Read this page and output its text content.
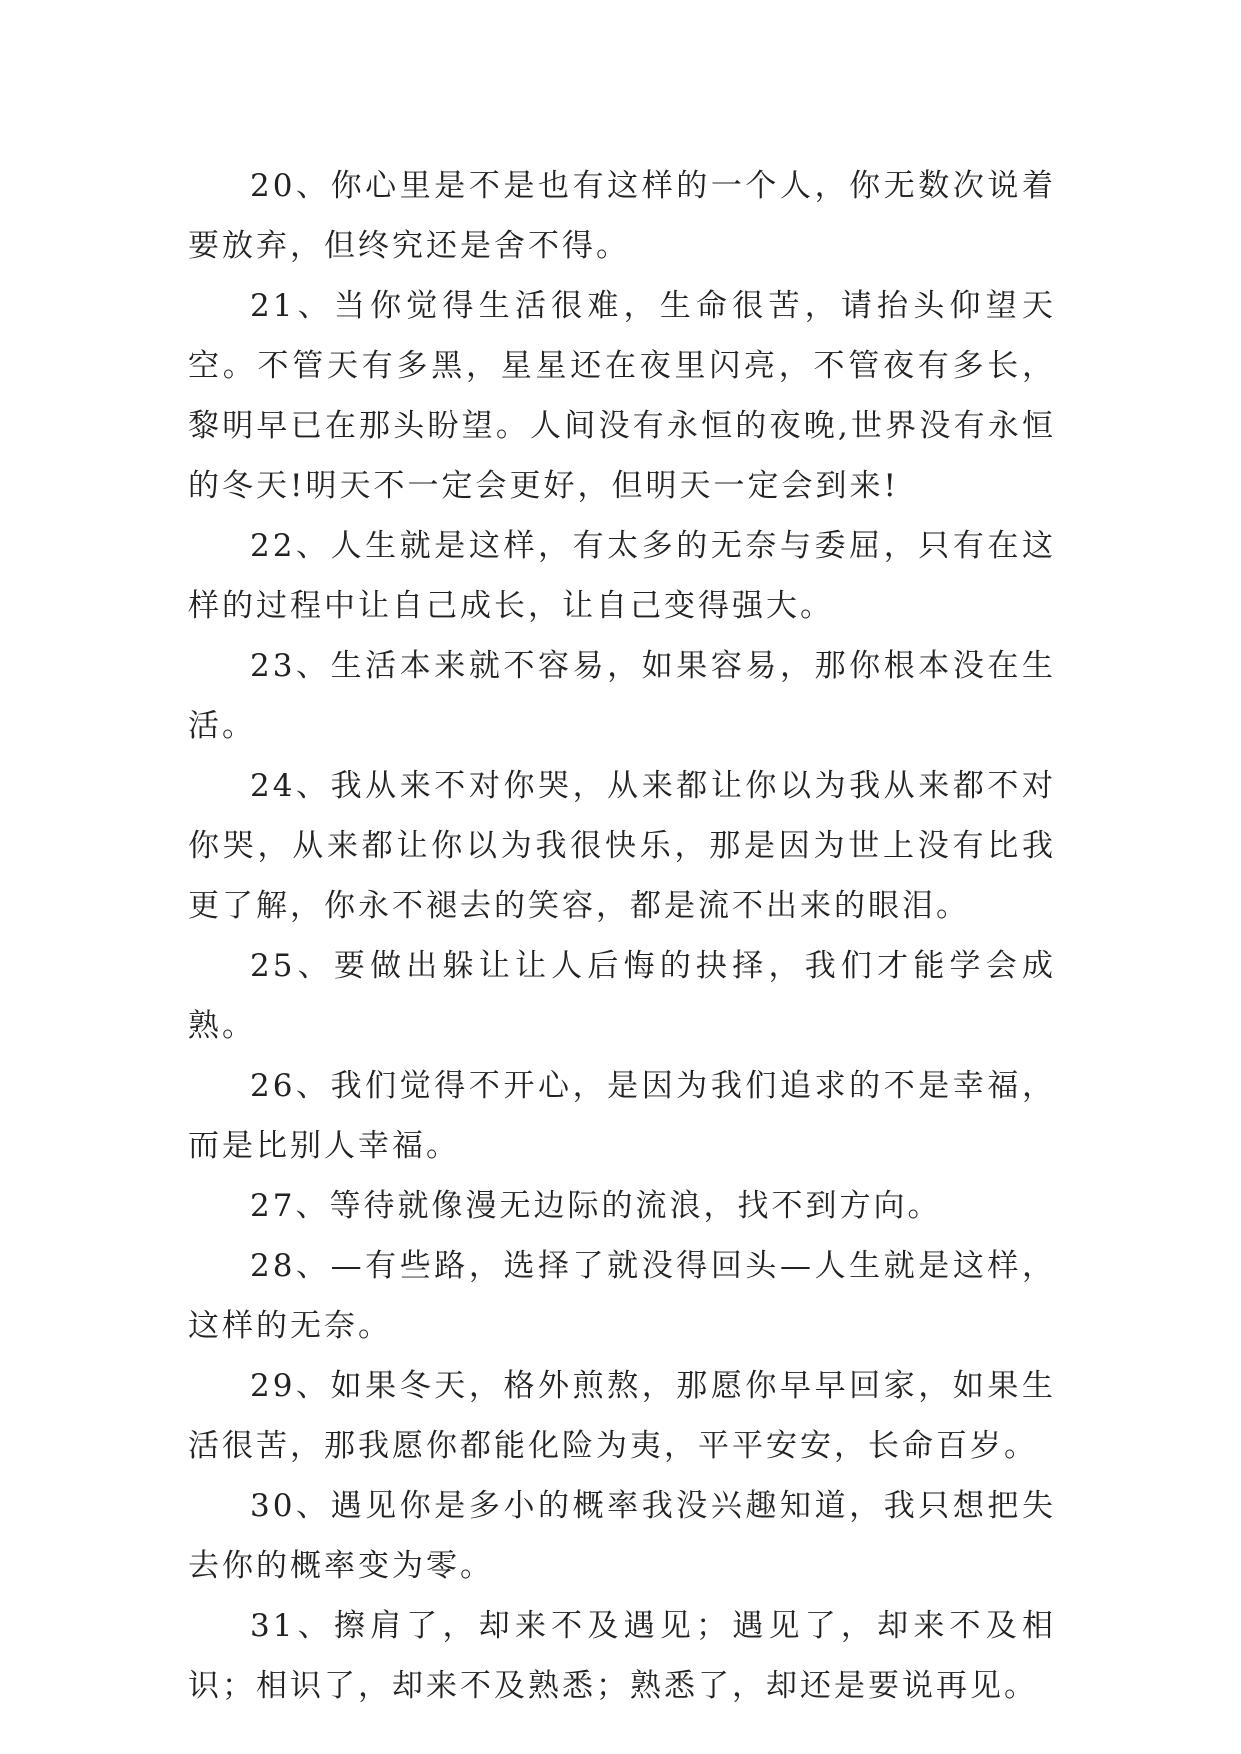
20、你心里是不是也有这样的一个人，你无数次说着要放弃，但终究还是舍不得。

21、当你觉得生活很难，生命很苦，请抬头仰望天空。不管天有多黑，星星还在夜里闪亮，不管夜有多长，黎明早已在那头盼望。人间没有永恒的夜晚,世界没有永恒的冬天!明天不一定会更好，但明天一定会到来!

22、人生就是这样，有太多的无奈与委屈，只有在这样的过程中让自己成长，让自己变得强大。

23、生活本来就不容易，如果容易，那你根本没在生活。

24、我从来不对你哭，从来都让你以为我从来都不对你哭，从来都让你以为我很快乐，那是因为世上没有比我更了解，你永不褪去的笑容，都是流不出来的眼泪。

25、要做出躲让让人后悔的抉择，我们才能学会成熟。

26、我们觉得不开心，是因为我们追求的不是幸福，而是比别人幸福。

27、等待就像漫无边际的流浪，找不到方向。

28、—有些路，选择了就没得回头—人生就是这样，这样的无奈。

29、如果冬天，格外煎熬，那愿你早早回家，如果生活很苦，那我愿你都能化险为夷，平平安安，长命百岁。

30、遇见你是多小的概率我没兴趣知道，我只想把失去你的概率变为零。

31、擦肩了，却来不及遇见；遇见了，却来不及相识；相识了，却来不及熟悉；熟悉了，却还是要说再见。
